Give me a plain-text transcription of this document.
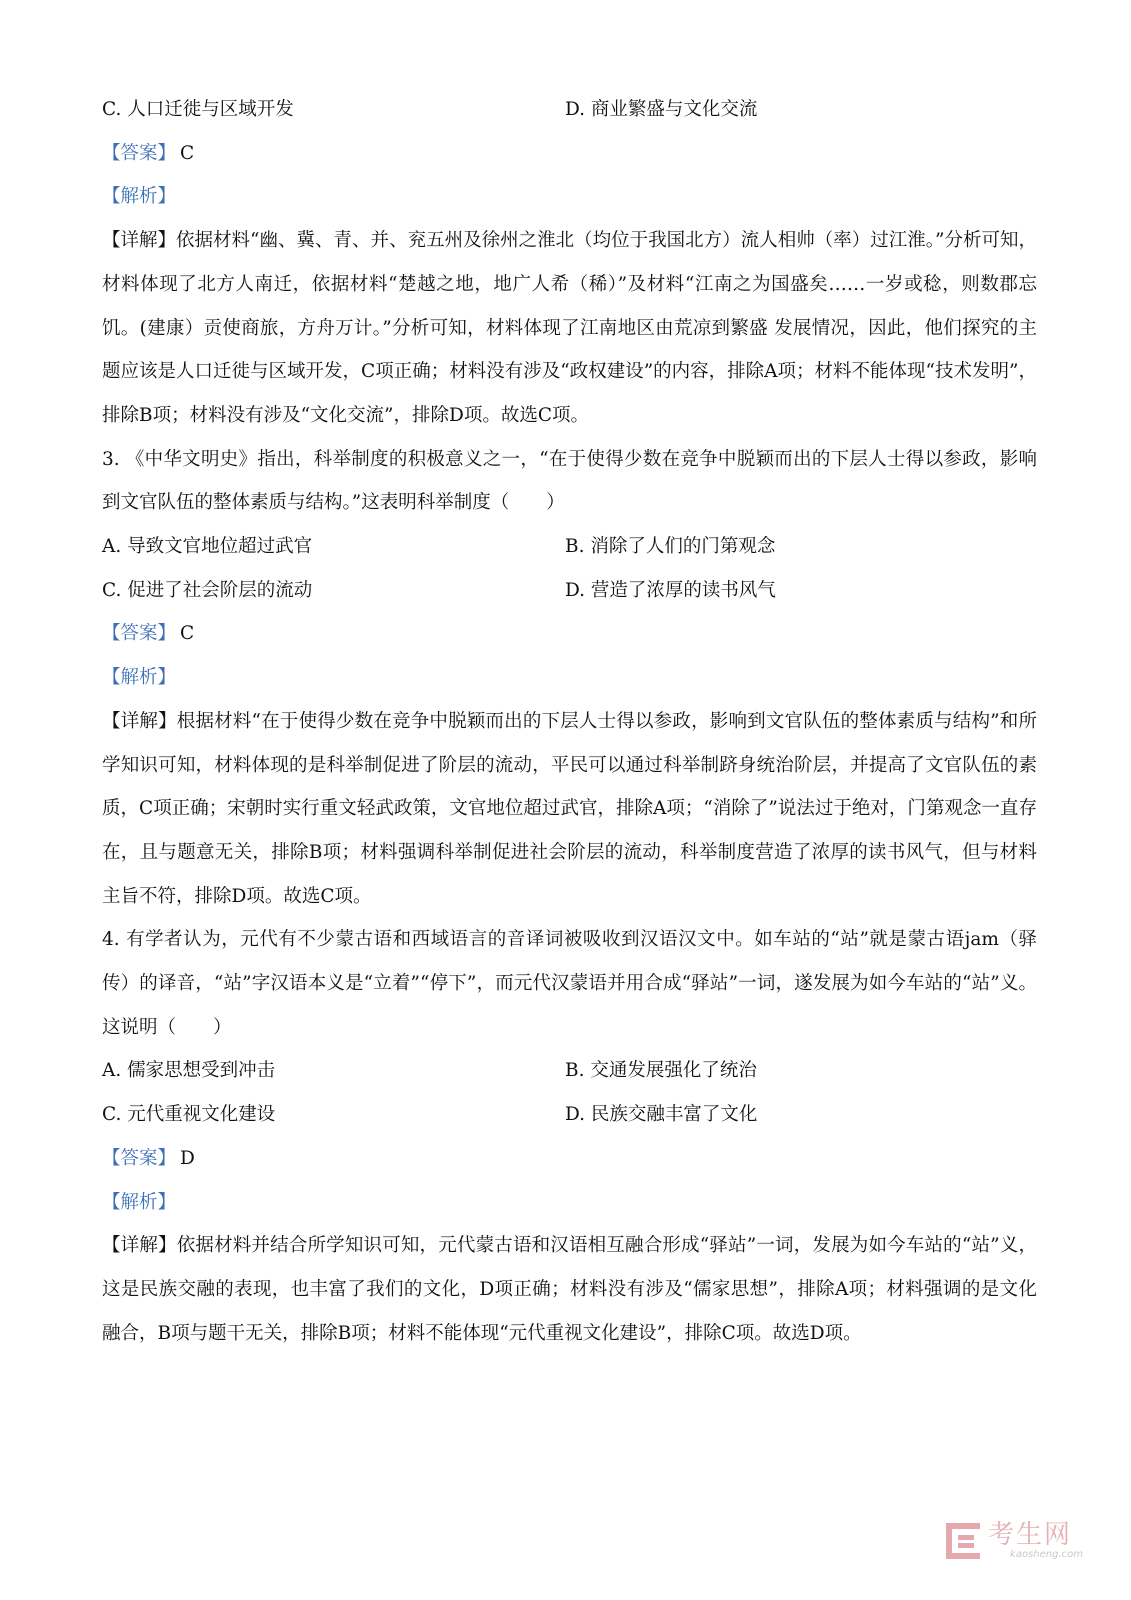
C. 人口迁徙与区域开发	D. 商业繁盛与文化交流
【答案】 C
【解析】
【详解】依据材料“幽、冀、青、并、兖五州及徐州之淮北（均位于我国北方）流人相帅（率）过江淮。”分析可知，材料体现了北方人南迁，依据材料“楚越之地，地广人希（稀）”及材料“江南之为国盛矣……一岁或稔，则数郡忘饥。(建康）贡使商旅，方舟万计。”分析可知，材料体现了江南地区由荒凉到繁盛 发展情况，因此，他们探究的主题应该是人口迁徙与区域开发，C项正确；材料没有涉及“政权建设”的内容，排除A项；材料不能体现“技术发明”，排除B项；材料没有涉及“文化交流”，排除D项。故选C项。
3. 《中华文明史》指出，科举制度的积极意义之一，“在于使得少数在竞争中脱颖而出的下层人士得以参政，影响到文官队伍的整体素质与结构。”这表明科举制度（　　）
A. 导致文官地位超过武官	B. 消除了人们的门第观念
C. 促进了社会阶层的流动	D. 营造了浓厚的读书风气
【答案】 C
【解析】
【详解】根据材料“在于使得少数在竞争中脱颖而出的下层人士得以参政，影响到文官队伍的整体素质与结构”和所学知识可知，材料体现的是科举制促进了阶层的流动，平民可以通过科举制跻身统治阶层，并提高了文官队伍的素质，C项正确；宋朝时实行重文轻武政策，文官地位超过武官，排除A项；“消除了”说法过于绝对，门第观念一直存在，且与题意无关，排除B项；材料强调科举制促进社会阶层的流动，科举制度营造了浓厚的读书风气，但与材料主旨不符，排除D项。故选C项。
4. 有学者认为，元代有不少蒙古语和西域语言的音译词被吸收到汉语汉文中。如车站的“站”就是蒙古语jam（驿传）的译音，“站”字汉语本义是“立着”“停下”，而元代汉蒙语并用合成“驿站”一词，遂发展为如今车站的“站”义。这说明（　　）
A. 儒家思想受到冲击	B. 交通发展强化了统治
C. 元代重视文化建设	D. 民族交融丰富了文化
【答案】 D
【解析】
【详解】依据材料并结合所学知识可知，元代蒙古语和汉语相互融合形成“驿站”一词，发展为如今车站的“站”义，这是民族交融的表现，也丰富了我们的文化，D项正确；材料没有涉及“儒家思想”，排除A项；材料强调的是文化融合，B项与题干无关，排除B项；材料不能体现“元代重视文化建设”，排除C项。故选D项。
考生网
kaosheng.com
